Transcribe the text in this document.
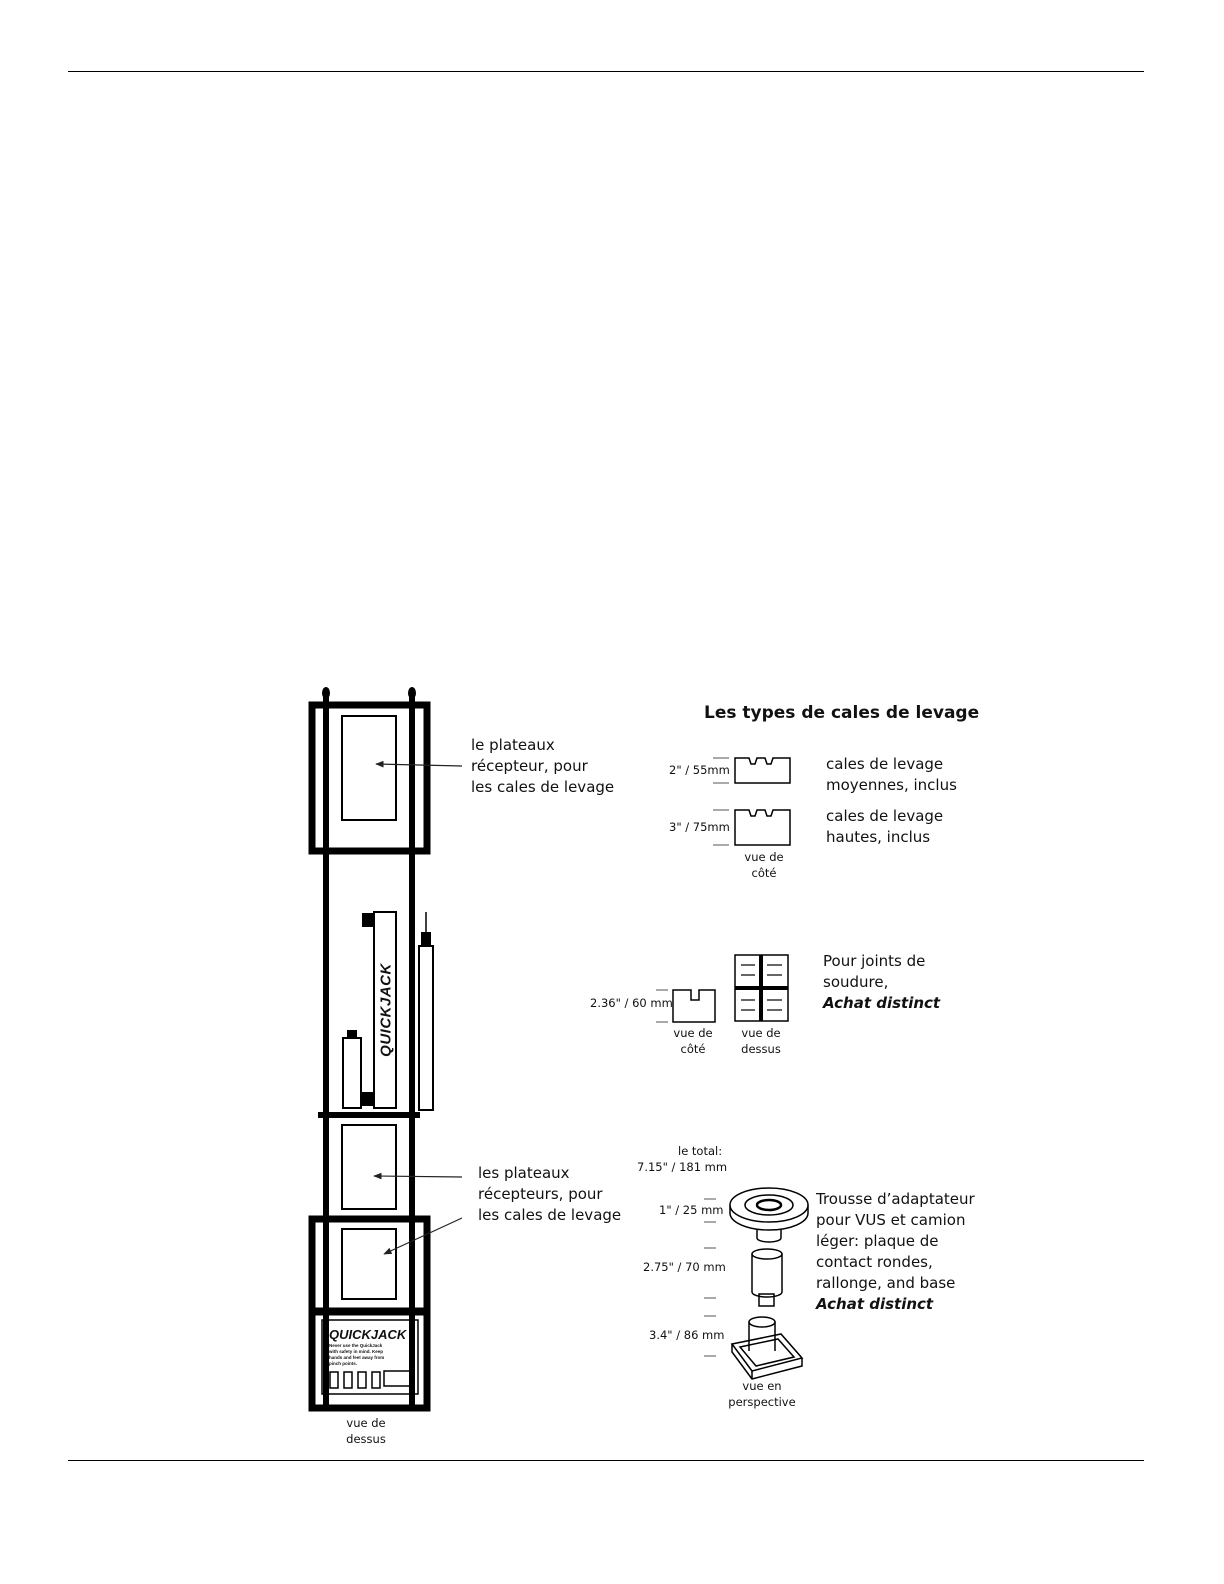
QUICKJACK
QUICKJACK
Never use the QuickJack
with safety in mind. Keep
hands and feet away from
pinch points.
vue de
dessus
le plateaux
récepteur, pour
les cales de levage
les plateaux
récepteurs, pour
les cales de levage
Les types de cales de levage
2" / 55mm	cales de levage
moyennes, inclus
3" / 75mm
cales de levage
hautes, inclus
vue de
côté
2.36" / 60 mm
vue de
côté
vue de
dessus
Pour joints de
soudure,
Achat distinct
le total:
7.15" / 181 mm
1" / 25 mm
2.75" / 70 mm
3.4" / 86 mm
Trousse d’adaptateur
pour VUS et camion
léger: plaque de
contact rondes,
rallonge, and base
Achat distinct
vue en
perspective
